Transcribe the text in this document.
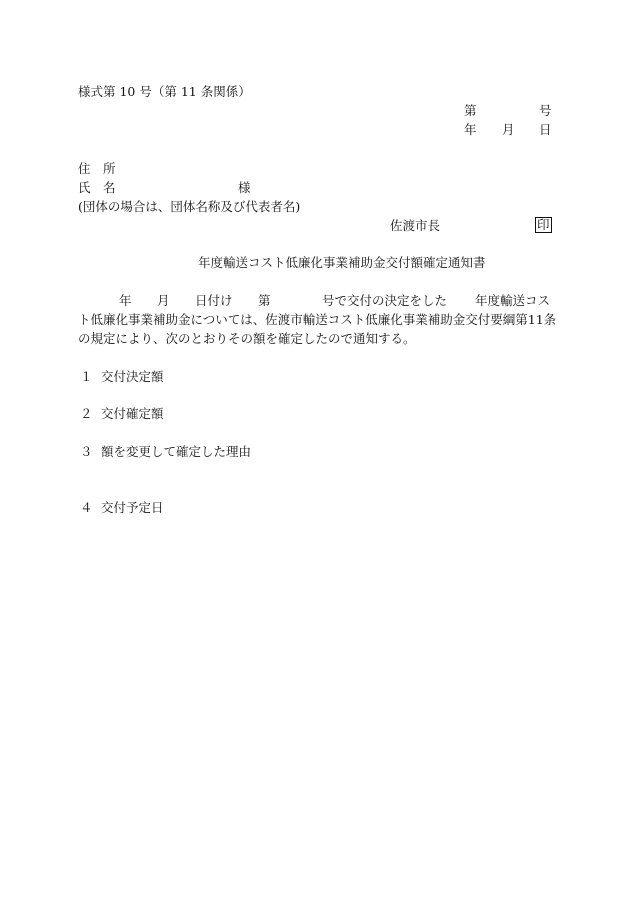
様式第 10 号（第 11 条関係）
第	号
年 月 日
住　所
氏　名	様
(団体の場合は、団体名称及び代表者名)
佐渡市長	印
年度輸送コスト低廉化事業補助金交付額確定通知書
年 月 日付け 第	号で交付の決定をした 年度輸送コス
ト低廉化事業補助金については、佐渡市輸送コスト低廉化事業補助金交付要綱第11条
の規定により、次のとおりその額を確定したので通知する。
１ 交付決定額
２ 交付確定額
３ 額を変更して確定した理由
４ 交付予定日
